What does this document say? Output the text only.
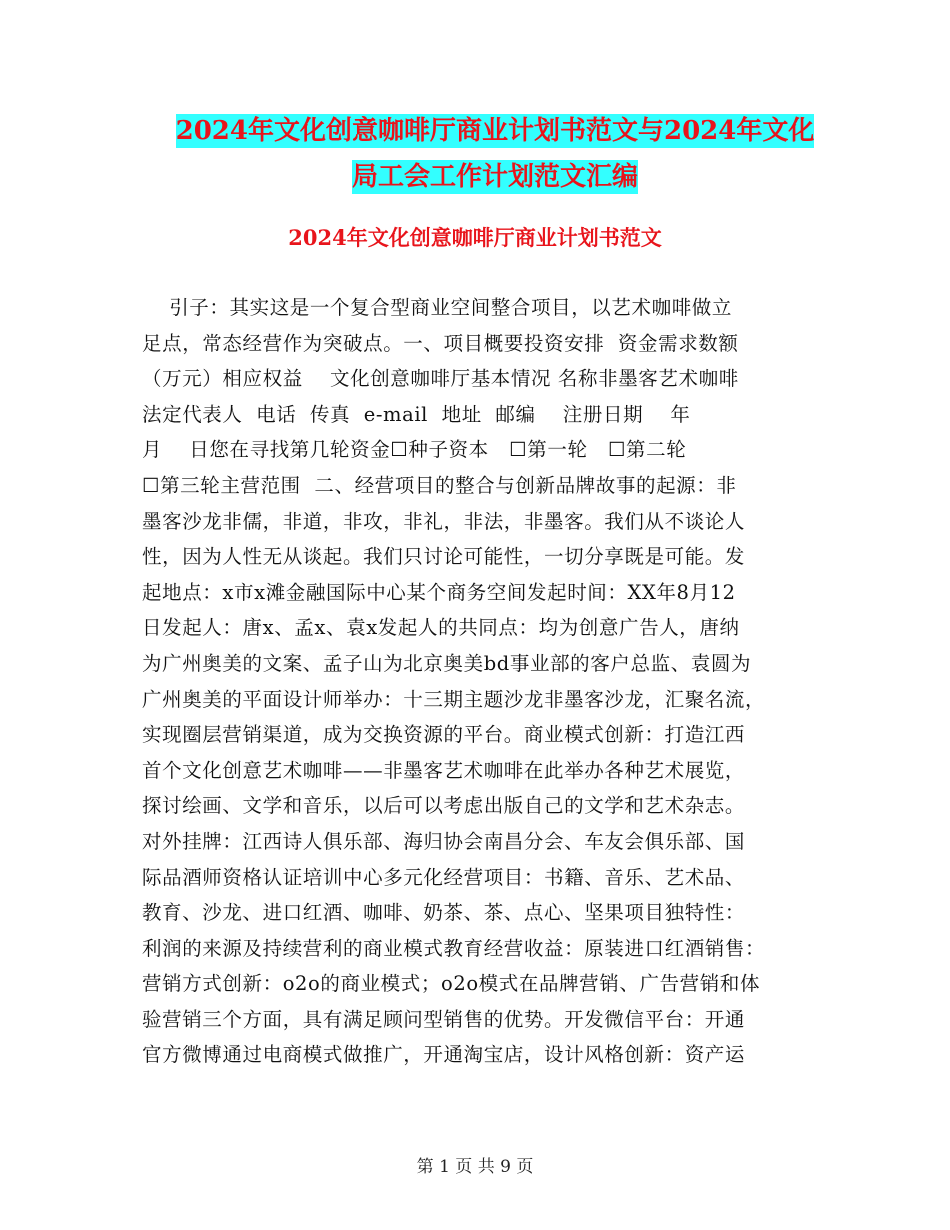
2024年文化创意咖啡厅商业计划书范文与2024年文化
局工会工作计划范文汇编
2024年文化创意咖啡厅商业计划书范文
引子：其实这是一个复合型商业空间整合项目，以艺术咖啡做立
足点，常态经营作为突破点。一、项目概要投资安排  资金需求数额
（万元）相应权益    文化创意咖啡厅基本情况 名称非墨客艺术咖啡
法定代表人  电话  传真  e-mail  地址  邮编    注册日期    年
月    日您在寻找第几轮资金☐种子资本   ☐第一轮   ☐第二轮
☐第三轮主营范围  二、经营项目的整合与创新品牌故事的起源：非
墨客沙龙非儒，非道，非攻，非礼，非法，非墨客。我们从不谈论人
性，因为人性无从谈起。我们只讨论可能性，一切分享既是可能。发
起地点：x市x滩金融国际中心某个商务空间发起时间：XX年8月12
日发起人：唐x、孟x、袁x发起人的共同点：均为创意广告人，唐纳
为广州奥美的文案、孟子山为北京奥美bd事业部的客户总监、袁圆为
广州奥美的平面设计师举办：十三期主题沙龙非墨客沙龙，汇聚名流，
实现圈层营销渠道，成为交换资源的平台。商业模式创新：打造江西
首个文化创意艺术咖啡——非墨客艺术咖啡在此举办各种艺术展览，
探讨绘画、文学和音乐，以后可以考虑出版自己的文学和艺术杂志。
对外挂牌：江西诗人俱乐部、海归协会南昌分会、车友会俱乐部、国
际品酒师资格认证培训中心多元化经营项目：书籍、音乐、艺术品、
教育、沙龙、进口红酒、咖啡、奶茶、茶、点心、坚果项目独特性：
利润的来源及持续营利的商业模式教育经营收益：原装进口红酒销售：
营销方式创新：o2o的商业模式；o2o模式在品牌营销、广告营销和体
验营销三个方面，具有满足顾问型销售的优势。开发微信平台：开通
官方微博通过电商模式做推广，开通淘宝店，设计风格创新：资产运
第 1 页 共 9 页
